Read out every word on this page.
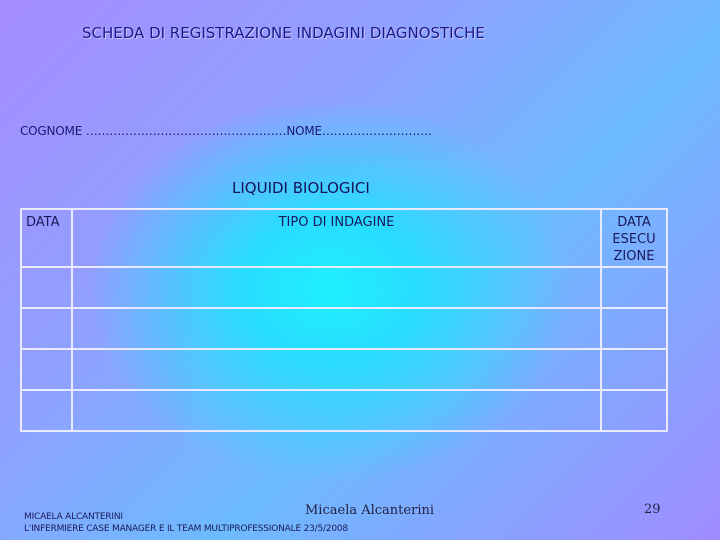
SCHEDA DI REGISTRAZIONE INDAGINI DIAGNOSTICHE
COGNOME ……………………………………………NOME……………………….
LIQUIDI BIOLOGICI
DATA	TIPO DI INDAGINE	DATA ESECU ZIONE

MICAELA ALCANTERINI
L'INFERMIERE CASE MANAGER E IL TEAM MULTIPROFESSIONALE 23/5/2008
Micaela Alcanterini	29
